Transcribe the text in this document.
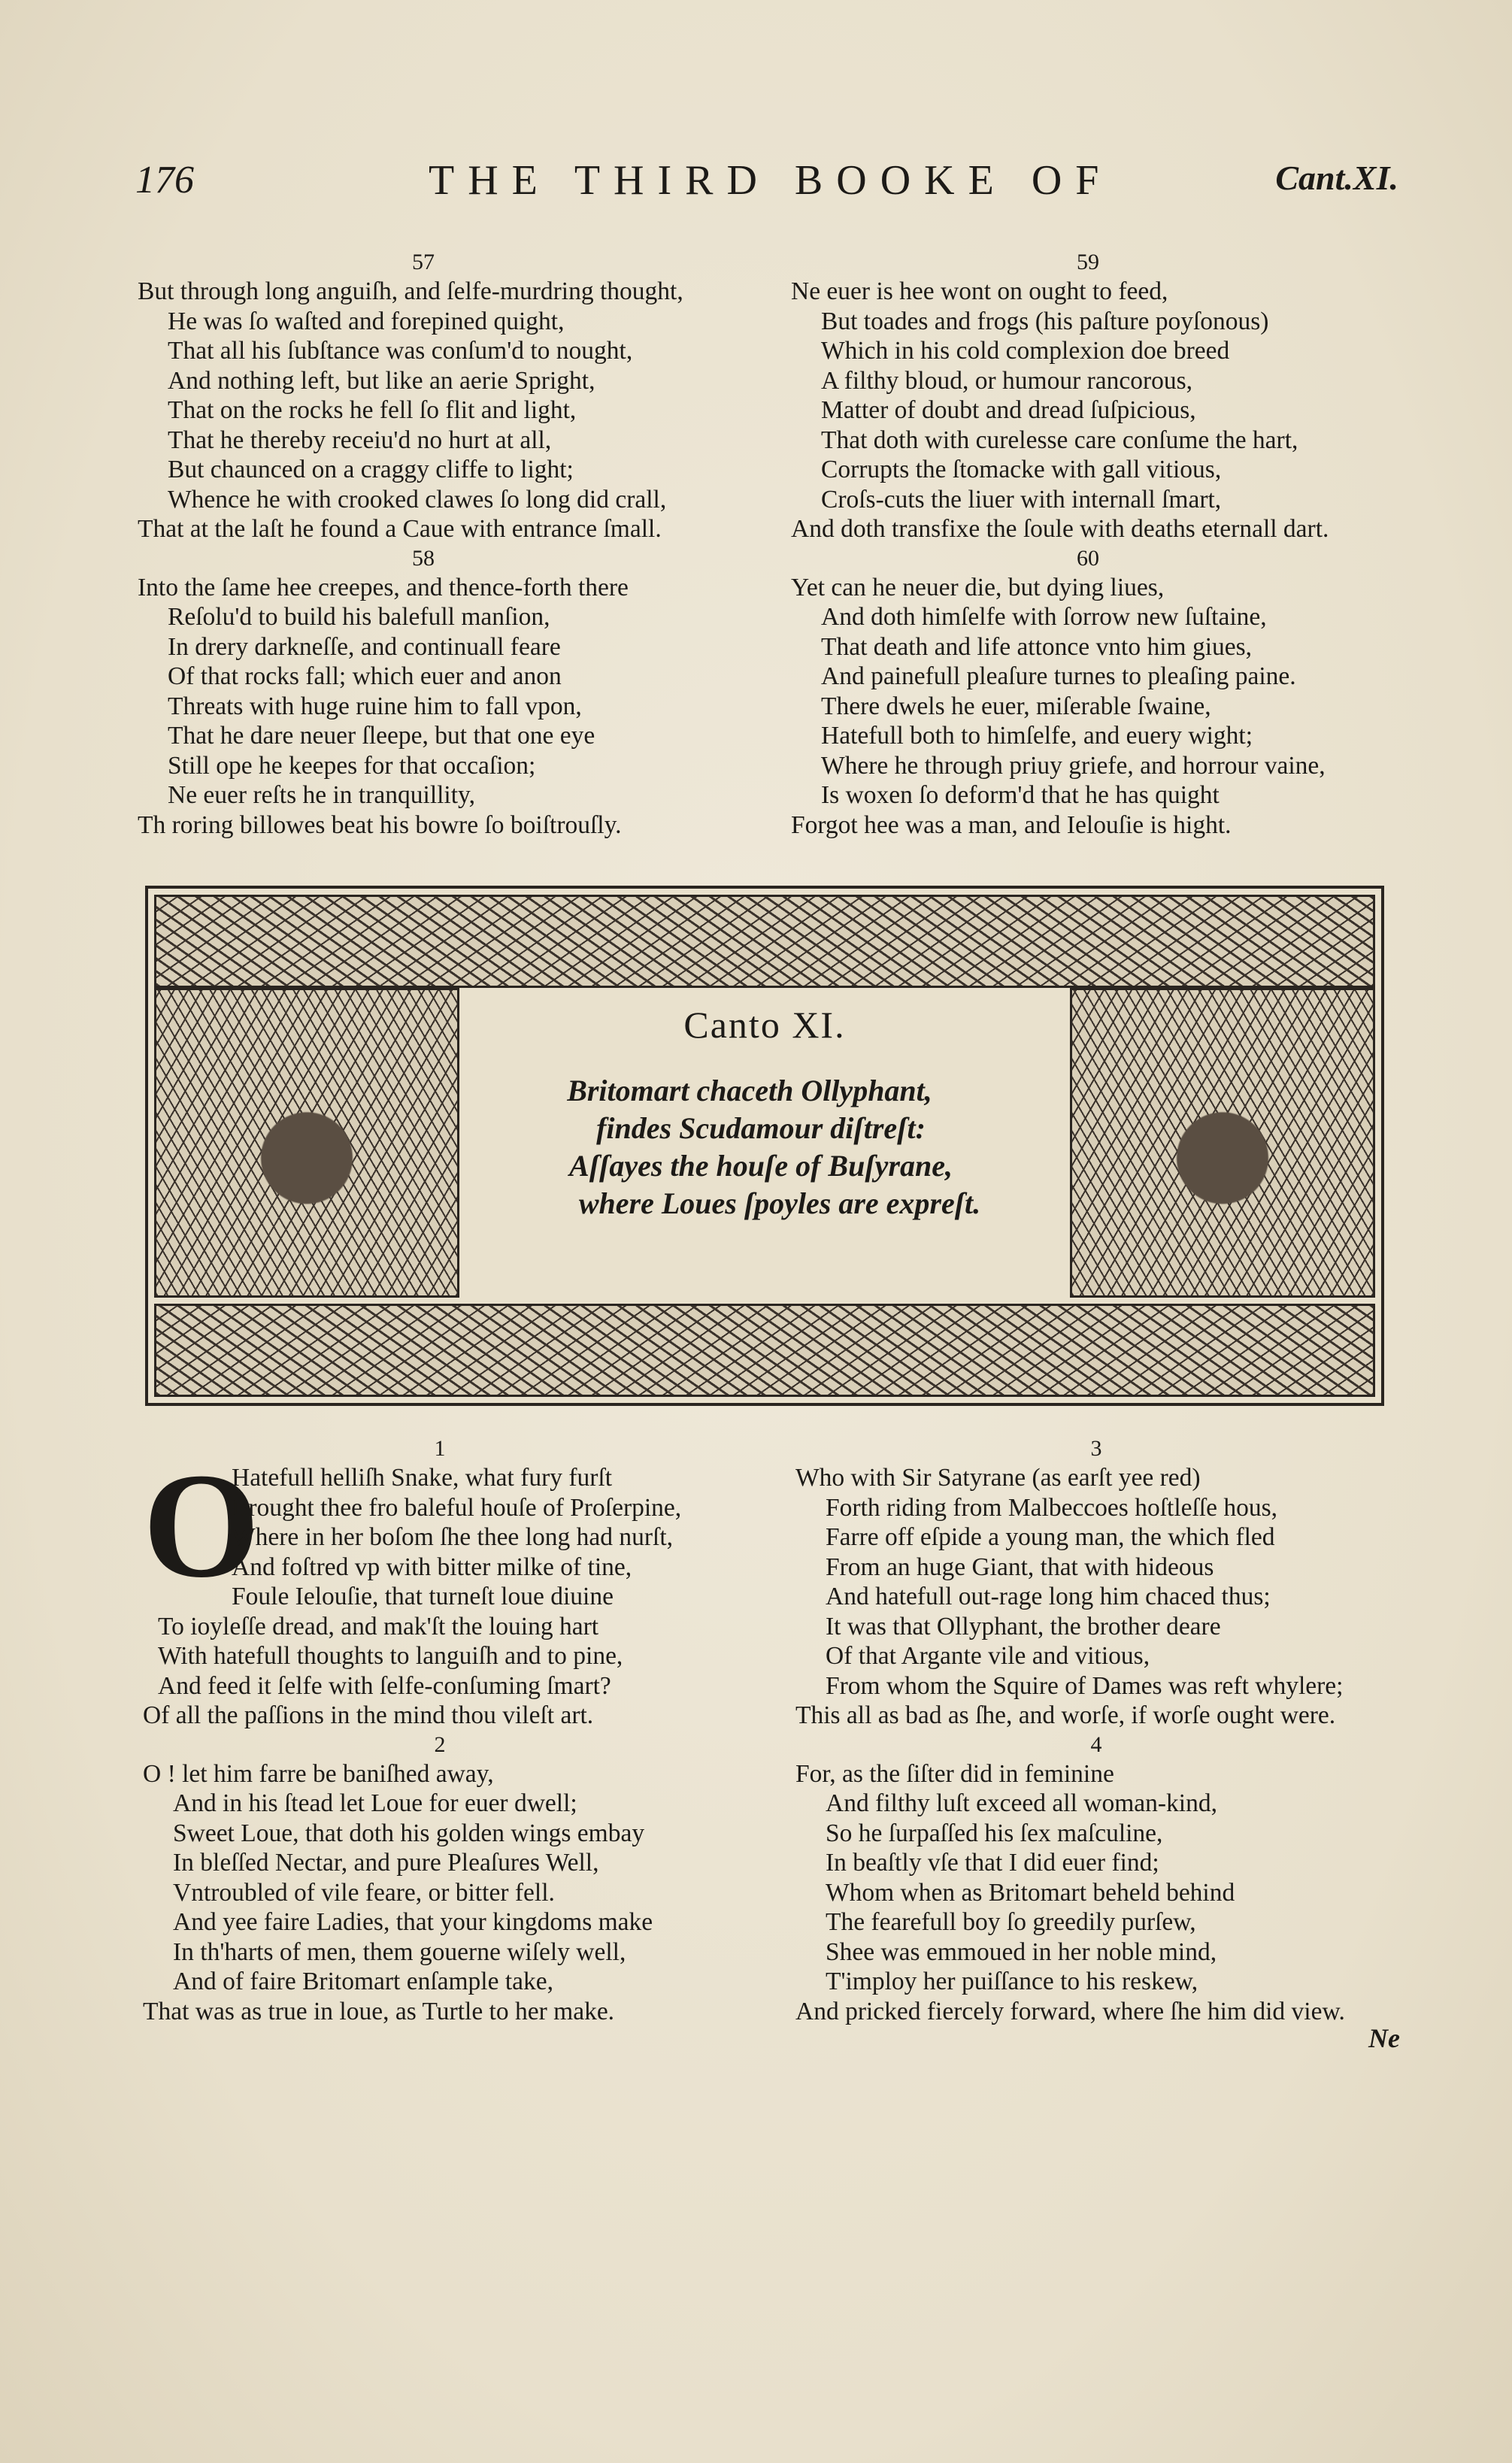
176	THE THIRD BOOKE OF	Cant.XI.
57
But through long anguiſh, and ſelfe-murdring thought,
He was ſo waſted and forepined quight,
That all his ſubſtance was conſum'd to nought,
And nothing left, but like an aerie Spright,
That on the rocks he fell ſo flit and light,
That he thereby receiu'd no hurt at all,
But chaunced on a craggy cliffe to light;
Whence he with crooked clawes ſo long did crall,
That at the laſt he found a Caue with entrance ſmall.
58
Into the ſame hee creepes, and thence-forth there
Reſolu'd to build his balefull manſion,
In drery darkneſſe, and continuall feare
Of that rocks fall; which euer and anon
Threats with huge ruine him to fall vpon,
That he dare neuer ſleepe, but that one eye
Still ope he keepes for that occaſion;
Ne euer reſts he in tranquillity,
Th roring billowes beat his bowre ſo boiſtrouſly.
59
Ne euer is hee wont on ought to feed,
But toades and frogs (his paſture poyſonous)
Which in his cold complexion doe breed
A filthy bloud, or humour rancorous,
Matter of doubt and dread ſuſpicious,
That doth with curelesse care conſume the hart,
Corrupts the ſtomacke with gall vitious,
Croſs-cuts the liuer with internall ſmart,
And doth transfixe the ſoule with deaths eternall dart.
60
Yet can he neuer die, but dying liues,
And doth himſelfe with ſorrow new ſuſtaine,
That death and life attonce vnto him giues,
And painefull pleaſure turnes to pleaſing paine.
There dwels he euer, miſerable ſwaine,
Hatefull both to himſelfe, and euery wight;
Where he through priuy griefe, and horrour vaine,
Is woxen ſo deform'd that he has quight
Forgot hee was a man, and Ielouſie is hight.
Canto XI.
Britomart chaceth Ollyphant,
findes Scudamour diſtreſt:
Aſſayes the houſe of Buſyrane,
where Loues ſpoyles are expreſt.
1
O
Hatefull helliſh Snake, what fury furſt
Brought thee fro baleful houſe of Proſerpine,
Where in her boſom ſhe thee long had nurſt,
And foſtred vp with bitter milke of tine,
Foule Ielouſie, that turneſt loue diuine
To ioyleſſe dread, and mak'ſt the louing hart
With hatefull thoughts to languiſh and to pine,
And feed it ſelfe with ſelfe-conſuming ſmart?
Of all the paſſions in the mind thou vileſt art.
2
O ! let him farre be baniſhed away,
And in his ſtead let Loue for euer dwell;
Sweet Loue, that doth his golden wings embay
In bleſſed Nectar, and pure Pleaſures Well,
Vntroubled of vile feare, or bitter fell.
And yee faire Ladies, that your kingdoms make
In th'harts of men, them gouerne wiſely well,
And of faire Britomart enſample take,
That was as true in loue, as Turtle to her make.
3
Who with Sir Satyrane (as earſt yee red)
Forth riding from Malbeccoes hoſtleſſe hous,
Farre off eſpide a young man, the which fled
From an huge Giant, that with hideous
And hatefull out-rage long him chaced thus;
It was that Ollyphant, the brother deare
Of that Argante vile and vitious,
From whom the Squire of Dames was reft whylere;
This all as bad as ſhe, and worſe, if worſe ought were.
4
For, as the ſiſter did in feminine
And filthy luſt exceed all woman-kind,
So he ſurpaſſed his ſex maſculine,
In beaſtly vſe that I did euer find;
Whom when as Britomart beheld behind
The fearefull boy ſo greedily purſew,
Shee was emmoued in her noble mind,
T'imploy her puiſſance to his reskew,
And pricked fiercely forward, where ſhe him did view.
Ne
